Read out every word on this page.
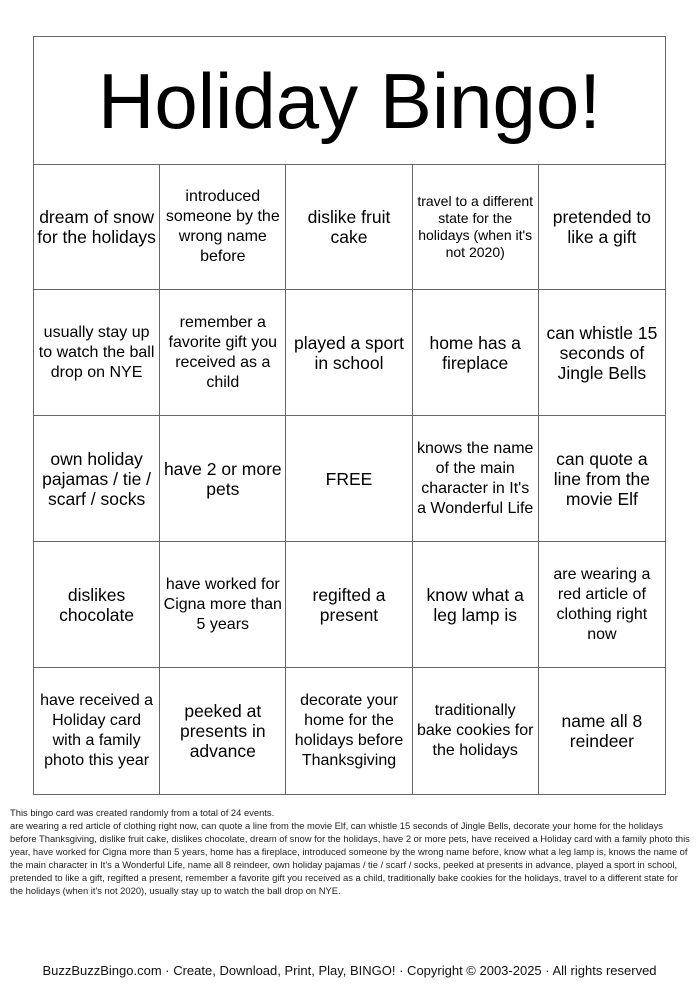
Holiday Bingo!
dream of snow for the holidays
introduced someone by the wrong name before
dislike fruit cake
travel to a different state for the holidays (when it's not 2020)
pretended to like a gift
usually stay up to watch the ball drop on NYE
remember a favorite gift you received as a child
played a sport in school
home has a fireplace
can whistle 15 seconds of Jingle Bells
own holiday pajamas / tie / scarf / socks
have 2 or more pets	FREE
knows the name of the main character in It's a Wonderful Life
can quote a line from the movie Elf
dislikes chocolate
have worked for Cigna more than 5 years
regifted a present
know what a leg lamp is
are wearing a red article of clothing right now
have received a Holiday card with a family photo this year
peeked at presents in advance
decorate your home for the holidays before Thanksgiving
traditionally bake cookies for the holidays
name all 8 reindeer
This bingo card was created randomly from a total of 24 events.
are wearing a red article of clothing right now, can quote a line from the movie Elf, can whistle 15 seconds of Jingle Bells, decorate your home for the holidays before Thanksgiving, dislike fruit cake, dislikes chocolate, dream of snow for the holidays, have 2 or more pets, have received a Holiday card with a family photo this year, have worked for Cigna more than 5 years, home has a fireplace, introduced someone by the wrong name before, know what a leg lamp is, knows the name of the main character in It's a Wonderful Life, name all 8 reindeer, own holiday pajamas / tie / scarf / socks, peeked at presents in advance, played a sport in school, pretended to like a gift, regifted a present, remember a favorite gift you received as a child, traditionally bake cookies for the holidays, travel to a different state for the holidays (when it's not 2020), usually stay up to watch the ball drop on NYE.
BuzzBuzzBingo.com · Create, Download, Print, Play, BINGO! · Copyright © 2003-2025 · All rights reserved
